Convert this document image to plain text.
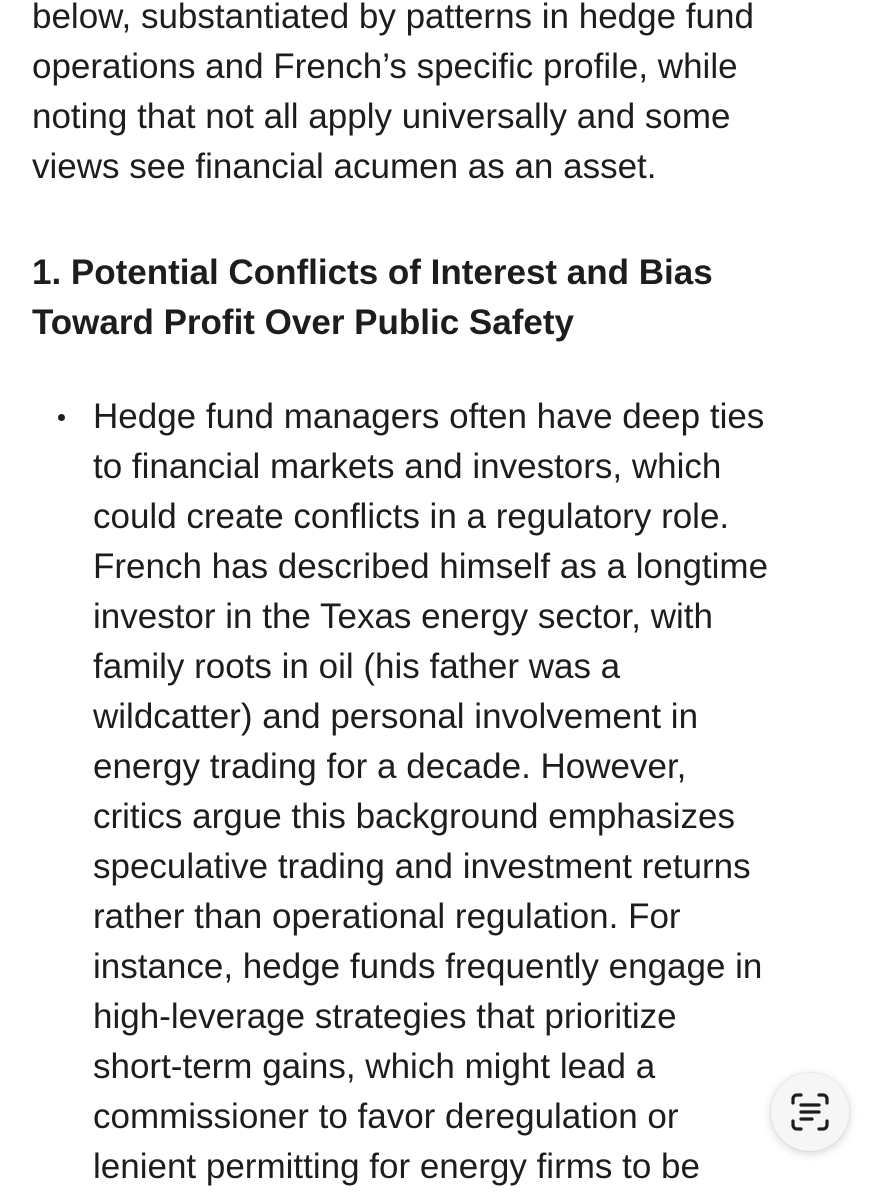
below, substantiated by patterns in hedge fund
operations and French’s specific profile, while
noting that not all apply universally and some
views see financial acumen as an asset.

1. Potential Conflicts of Interest and Bias
Toward Profit Over Public Safety
Hedge fund managers often have deep ties
to financial markets and investors, which
could create conflicts in a regulatory role.
French has described himself as a longtime
investor in the Texas energy sector, with
family roots in oil (his father was a
wildcatter) and personal involvement in
energy trading for a decade. However,
critics argue this background emphasizes
speculative trading and investment returns
rather than operational regulation. For
instance, hedge funds frequently engage in
high-leverage strategies that prioritize
short-term gains, which might lead a
commissioner to favor deregulation or
lenient permitting for energy firms to be
